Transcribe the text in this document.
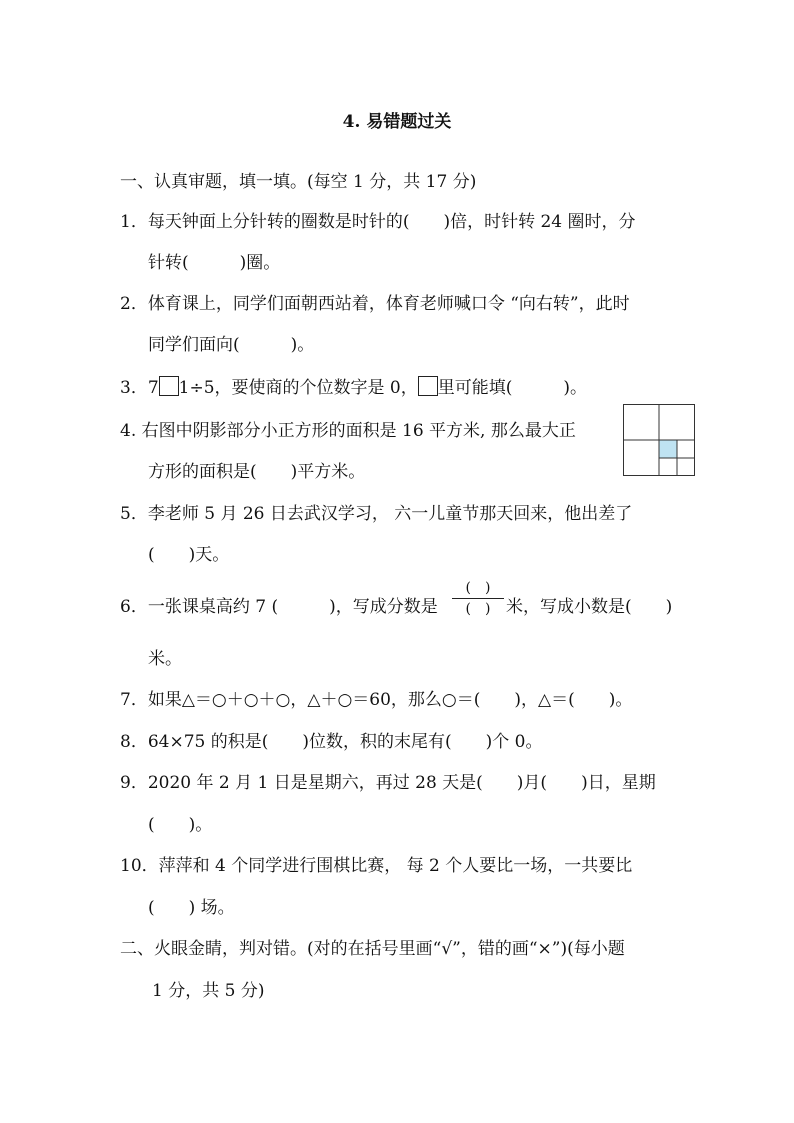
4. 易错题过关
一、认真审题，填一填。(每空 1 分，共 17 分)
1．每天钟面上分针转的圈数是时针的(　　)倍，时针转 24 圈时，分
针转(　　　)圈。
2．体育课上，同学们面朝西站着，体育老师喊口令 “向右转”，此时
同学们面向(　　　)。
3．7 1÷5，要使商的个位数字是 0， 里可能填(　　　)。
4. 右图中阴影部分小正方形的面积是 16 平方米, 那么最大正
方形的面积是(　　)平方米。
5．李老师 5 月 26 日去武汉学习， 六一儿童节那天回来，他出差了
(　　)天。
6．一张课桌高约 7 (　　　)，写成分数是
(　)
(　) 米，写成小数是(　　)
米。
7．如果△＝○＋○＋○，△＋○＝60，那么○＝(　　)，△＝(　　)。
8．64×75 的积是(　　)位数，积的末尾有(　　)个 0。
9．2020 年 2 月 1 日是星期六，再过 28 天是(　　)月(　　)日，星期
(　　)。
10．萍萍和 4 个同学进行围棋比赛， 每 2 个人要比一场，一共要比
(　　) 场。
二、火眼金睛，判对错。(对的在括号里画“√”，错的画“×”)(每小题
1 分，共 5 分)
